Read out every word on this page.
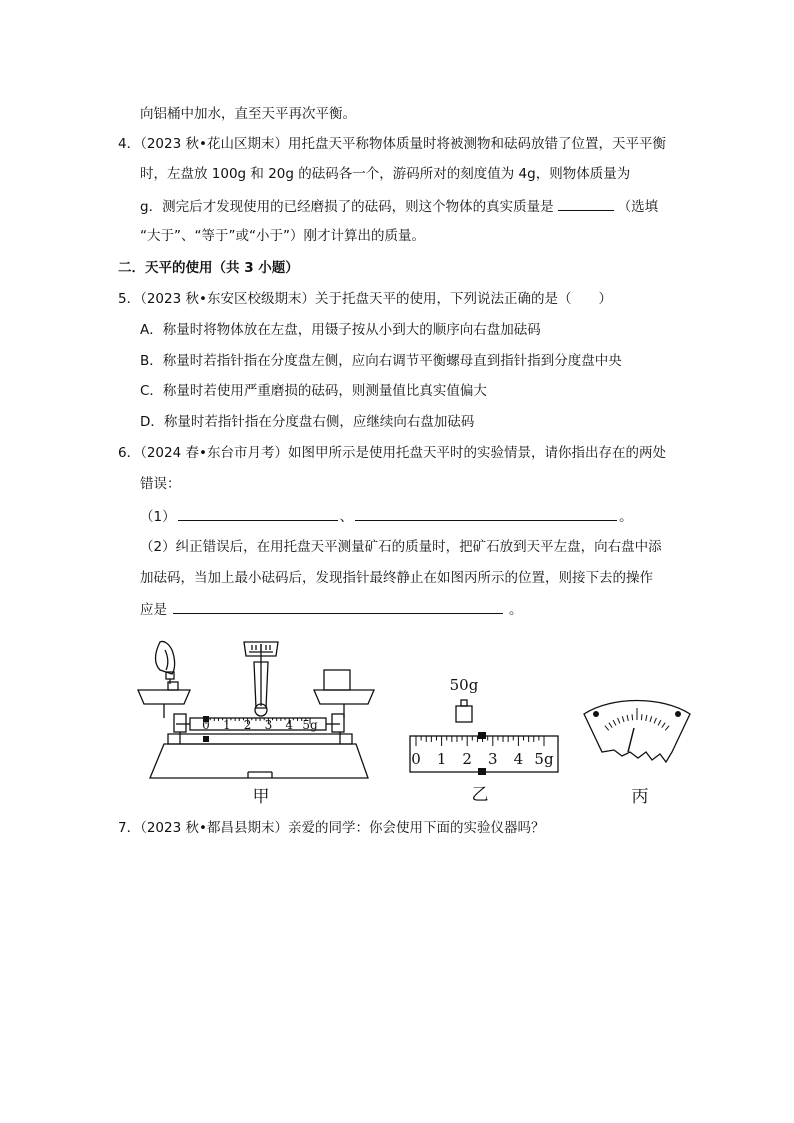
向铝桶中加水，直至天平再次平衡。
4．（2023 秋•花山区期末）用托盘天平称物体质量时将被测物和砝码放错了位置，天平平衡
时，左盘放 100g 和 20g 的砝码各一个，游码所对的刻度值为 4g，则物体质量为
g．测完后才发现使用的已经磨损了的砝码，则这个物体的真实质量是	（选填
“大于”、“等于”或“小于”）刚才计算出的质量。
二．天平的使用（共 3 小题）
5．（2023 秋•东安区校级期末）关于托盘天平的使用，下列说法正确的是（　　）
A．称量时将物体放在左盘，用镊子按从小到大的顺序向右盘加砝码
B．称量时若指针指在分度盘左侧，应向右调节平衡螺母直到指针指到分度盘中央
C．称量时若使用严重磨损的砝码，则测量值比真实值偏大
D．称量时若指针指在分度盘右侧，应继续向右盘加砝码
6．（2024 春•东台市月考）如图甲所示是使用托盘天平时的实验情景，请你指出存在的两处
错误：
（1）	、	。
（2）纠正错误后，在用托盘天平测量矿石的质量时，把矿石放到天平左盘，向右盘中添
加砝码，当加上最小砝码后，发现指针最终静止在如图丙所示的位置，则接下去的操作
应是	。
0 1 2 3 4 5g
甲
50g
0 1 2 3 4 5g
乙	丙
7．（2023 秋•都昌县期末）亲爱的同学：你会使用下面的实验仪器吗？
